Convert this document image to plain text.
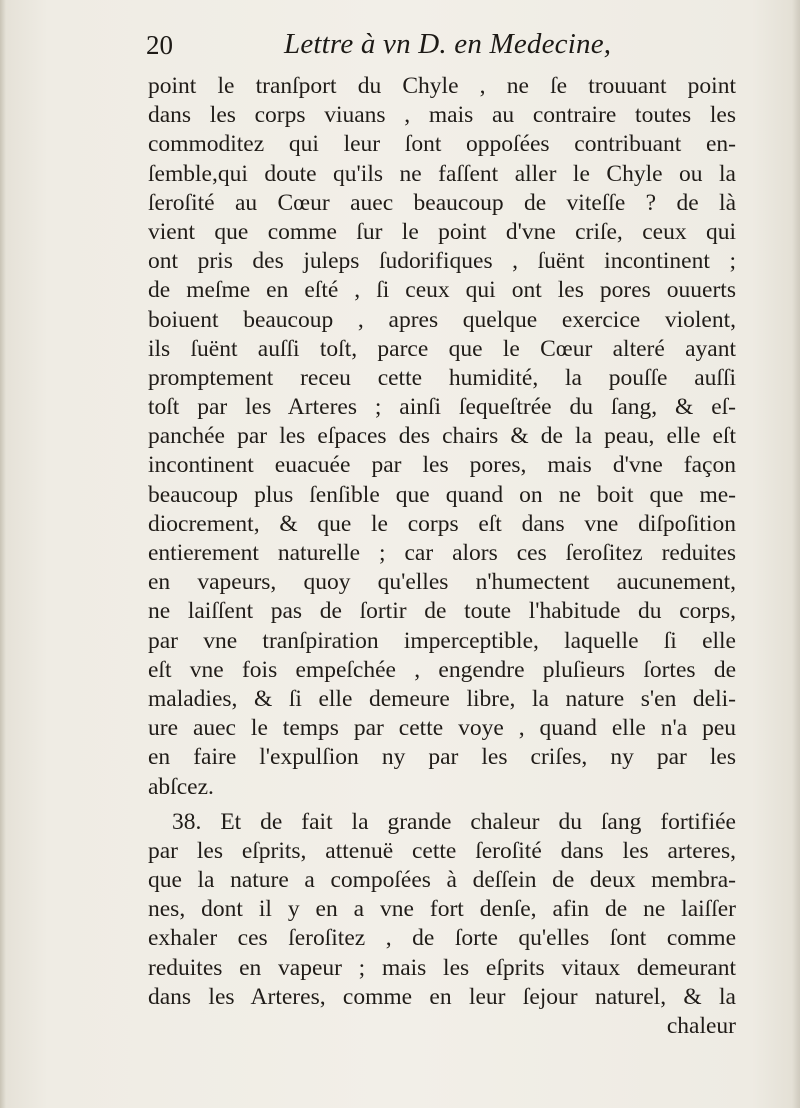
20	Lettre à vn D. en Medecine,
point le tranſport du Chyle , ne ſe trouuant point
dans les corps viuans , mais au contraire toutes les
commoditez qui leur ſont oppoſées contribuant en-
ſemble,qui doute qu'ils ne faſſent aller le Chyle ou la
ſeroſité au Cœur auec beaucoup de viteſſe ? de là
vient que comme ſur le point d'vne criſe, ceux qui
ont pris des juleps ſudorifiques , ſuënt incontinent ;
de meſme en eſté , ſi ceux qui ont les pores ouuerts
boiuent beaucoup , apres quelque exercice violent,
ils ſuënt auſſi toſt, parce que le Cœur alteré ayant
promptement receu cette humidité, la pouſſe auſſi
toſt par les Arteres ; ainſi ſequeſtrée du ſang, & eſ-
panchée par les eſpaces des chairs & de la peau, elle eſt
incontinent euacuée par les pores, mais d'vne façon
beaucoup plus ſenſible que quand on ne boit que me-
diocrement, & que le corps eſt dans vne diſpoſition
entierement naturelle ; car alors ces ſeroſitez reduites
en vapeurs, quoy qu'elles n'humectent aucunement,
ne laiſſent pas de ſortir de toute l'habitude du corps,
par vne tranſpiration imperceptible, laquelle ſi elle
eſt vne fois empeſchée , engendre pluſieurs ſortes de
maladies, & ſi elle demeure libre, la nature s'en deli-
ure auec le temps par cette voye , quand elle n'a peu
en faire l'expulſion ny par les criſes, ny par les
abſcez.
38. Et de fait la grande chaleur du ſang fortifiée
par les eſprits, attenuë cette ſeroſité dans les arteres,
que la nature a compoſées à deſſein de deux membra-
nes, dont il y en a vne fort denſe, afin de ne laiſſer
exhaler ces ſeroſitez , de ſorte qu'elles ſont comme
reduites en vapeur ; mais les eſprits vitaux demeurant
dans les Arteres, comme en leur ſejour naturel, & la
chaleur
